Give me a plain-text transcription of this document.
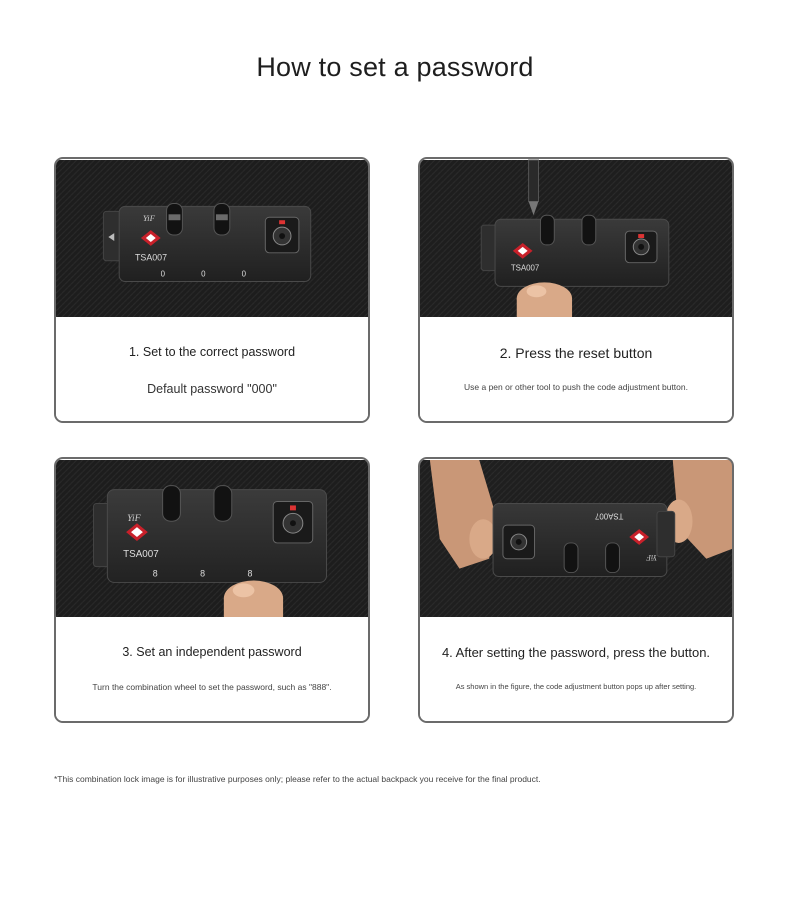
How to set a password
YiF
TSA007
0	0	0
1. Set to the correct password
Default password "000"
TSA007
2. Press the reset button
Use a pen or other tool to push the code adjustment button.
YiF
TSA007
8	8	8
3. Set an independent password
Turn the combination wheel to set the password, such as "888".
TSA007
YiF
4. After setting the password, press the button.
As shown in the figure, the code adjustment button pops up after setting.
*This combination lock image is for illustrative purposes only; please refer to the actual backpack you receive for the final product.
